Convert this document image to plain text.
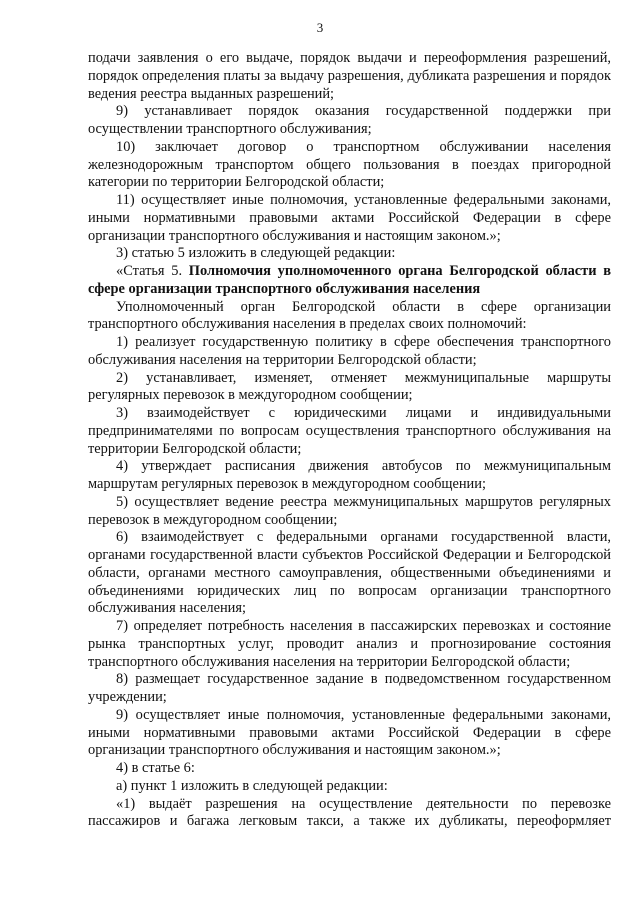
3

подачи заявления о его выдаче, порядок выдачи и переоформления разрешений, порядок определения платы за выдачу разрешения, дубликата разрешения и порядок ведения реестра выданных разрешений;

9) устанавливает порядок оказания государственной поддержки при осуществлении транспортного обслуживания;

10) заключает договор о транспортном обслуживании населения железнодорожным транспортом общего пользования в поездах пригородной категории по территории Белгородской области;

11) осуществляет иные полномочия, установленные федеральными законами, иными нормативными правовыми актами Российской Федерации в сфере организации транспортного обслуживания и настоящим законом.»;

3) статью 5 изложить в следующей редакции:

«Статья 5. Полномочия уполномоченного органа Белгородской области в сфере организации транспортного обслуживания населения

Уполномоченный орган Белгородской области в сфере организации транспортного обслуживания населения в пределах своих полномочий:

1) реализует государственную политику в сфере обеспечения транспортного обслуживания населения на территории Белгородской области;

2) устанавливает, изменяет, отменяет межмуниципальные маршруты регулярных перевозок в междугородном сообщении;

3) взаимодействует с юридическими лицами и индивидуальными предпринимателями по вопросам осуществления транспортного обслуживания на территории Белгородской области;

4) утверждает расписания движения автобусов по межмуниципальным маршрутам регулярных перевозок в междугородном сообщении;

5) осуществляет ведение реестра межмуниципальных маршрутов регулярных перевозок в междугородном сообщении;

6) взаимодействует с федеральными органами государственной власти, органами государственной власти субъектов Российской Федерации и Белгородской области, органами местного самоуправления, общественными объединениями и объединениями юридических лиц по вопросам организации транспортного обслуживания населения;

7) определяет потребность населения в пассажирских перевозках и состояние рынка транспортных услуг, проводит анализ и прогнозирование состояния транспортного обслуживания населения на территории Белгородской области;

8) размещает государственное задание в подведомственном государственном учреждении;

9) осуществляет иные полномочия, установленные федеральными законами, иными нормативными правовыми актами Российской Федерации в сфере организации транспортного обслуживания и настоящим законом.»;

4) в статье 6:

а) пункт 1 изложить в следующей редакции:

«1) выдаёт разрешения на осуществление деятельности по перевозке пассажиров и багажа легковым такси, а также их дубликаты, переоформляет
